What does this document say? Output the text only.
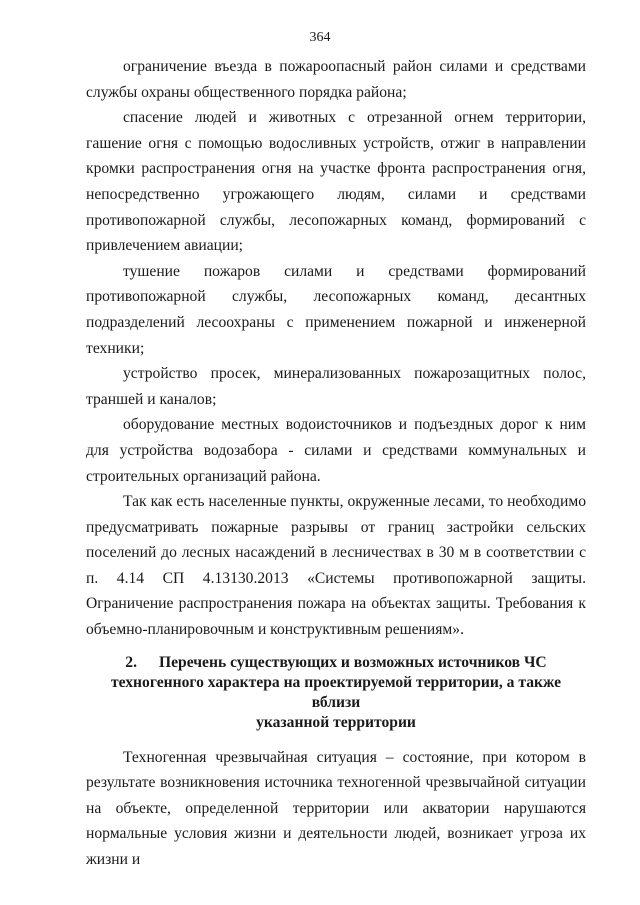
364

ограничение въезда в пожароопасный район силами и средствами службы охраны общественного порядка района;

спасение людей и животных с отрезанной огнем территории, гашение огня с помощью водосливных устройств, отжиг в направлении кромки распространения огня на участке фронта распространения огня, непосредственно угрожающего людям, силами и средствами противопожарной службы, лесопожарных команд, формирований с привлечением авиации;

тушение пожаров силами и средствами формирований противопожарной службы, лесопожарных команд, десантных подразделений лесоохраны с применением пожарной и инженерной техники;

устройство просек, минерализованных пожарозащитных полос, траншей и каналов;

оборудование местных водоисточников и подъездных дорог к ним для устройства водозабора - силами и средствами коммунальных и строительных организаций района.

Так как есть населенные пункты, окруженные лесами, то необходимо предусматривать пожарные разрывы от границ застройки сельских поселений до лесных насаждений в лесничествах в 30 м в соответствии с п. 4.14 СП 4.13130.2013 «Системы противопожарной защиты. Ограничение распространения пожара на объектах защиты. Требования к объемно-планировочным и конструктивным решениям».

2. Перечень существующих и возможных источников ЧС
техногенного характера на проектируемой территории, а также вблизи
указанной территории

Техногенная чрезвычайная ситуация – состояние, при котором в результате возникновения источника техногенной чрезвычайной ситуации на объекте, определенной территории или акватории нарушаются нормальные условия жизни и деятельности людей, возникает угроза их жизни и
